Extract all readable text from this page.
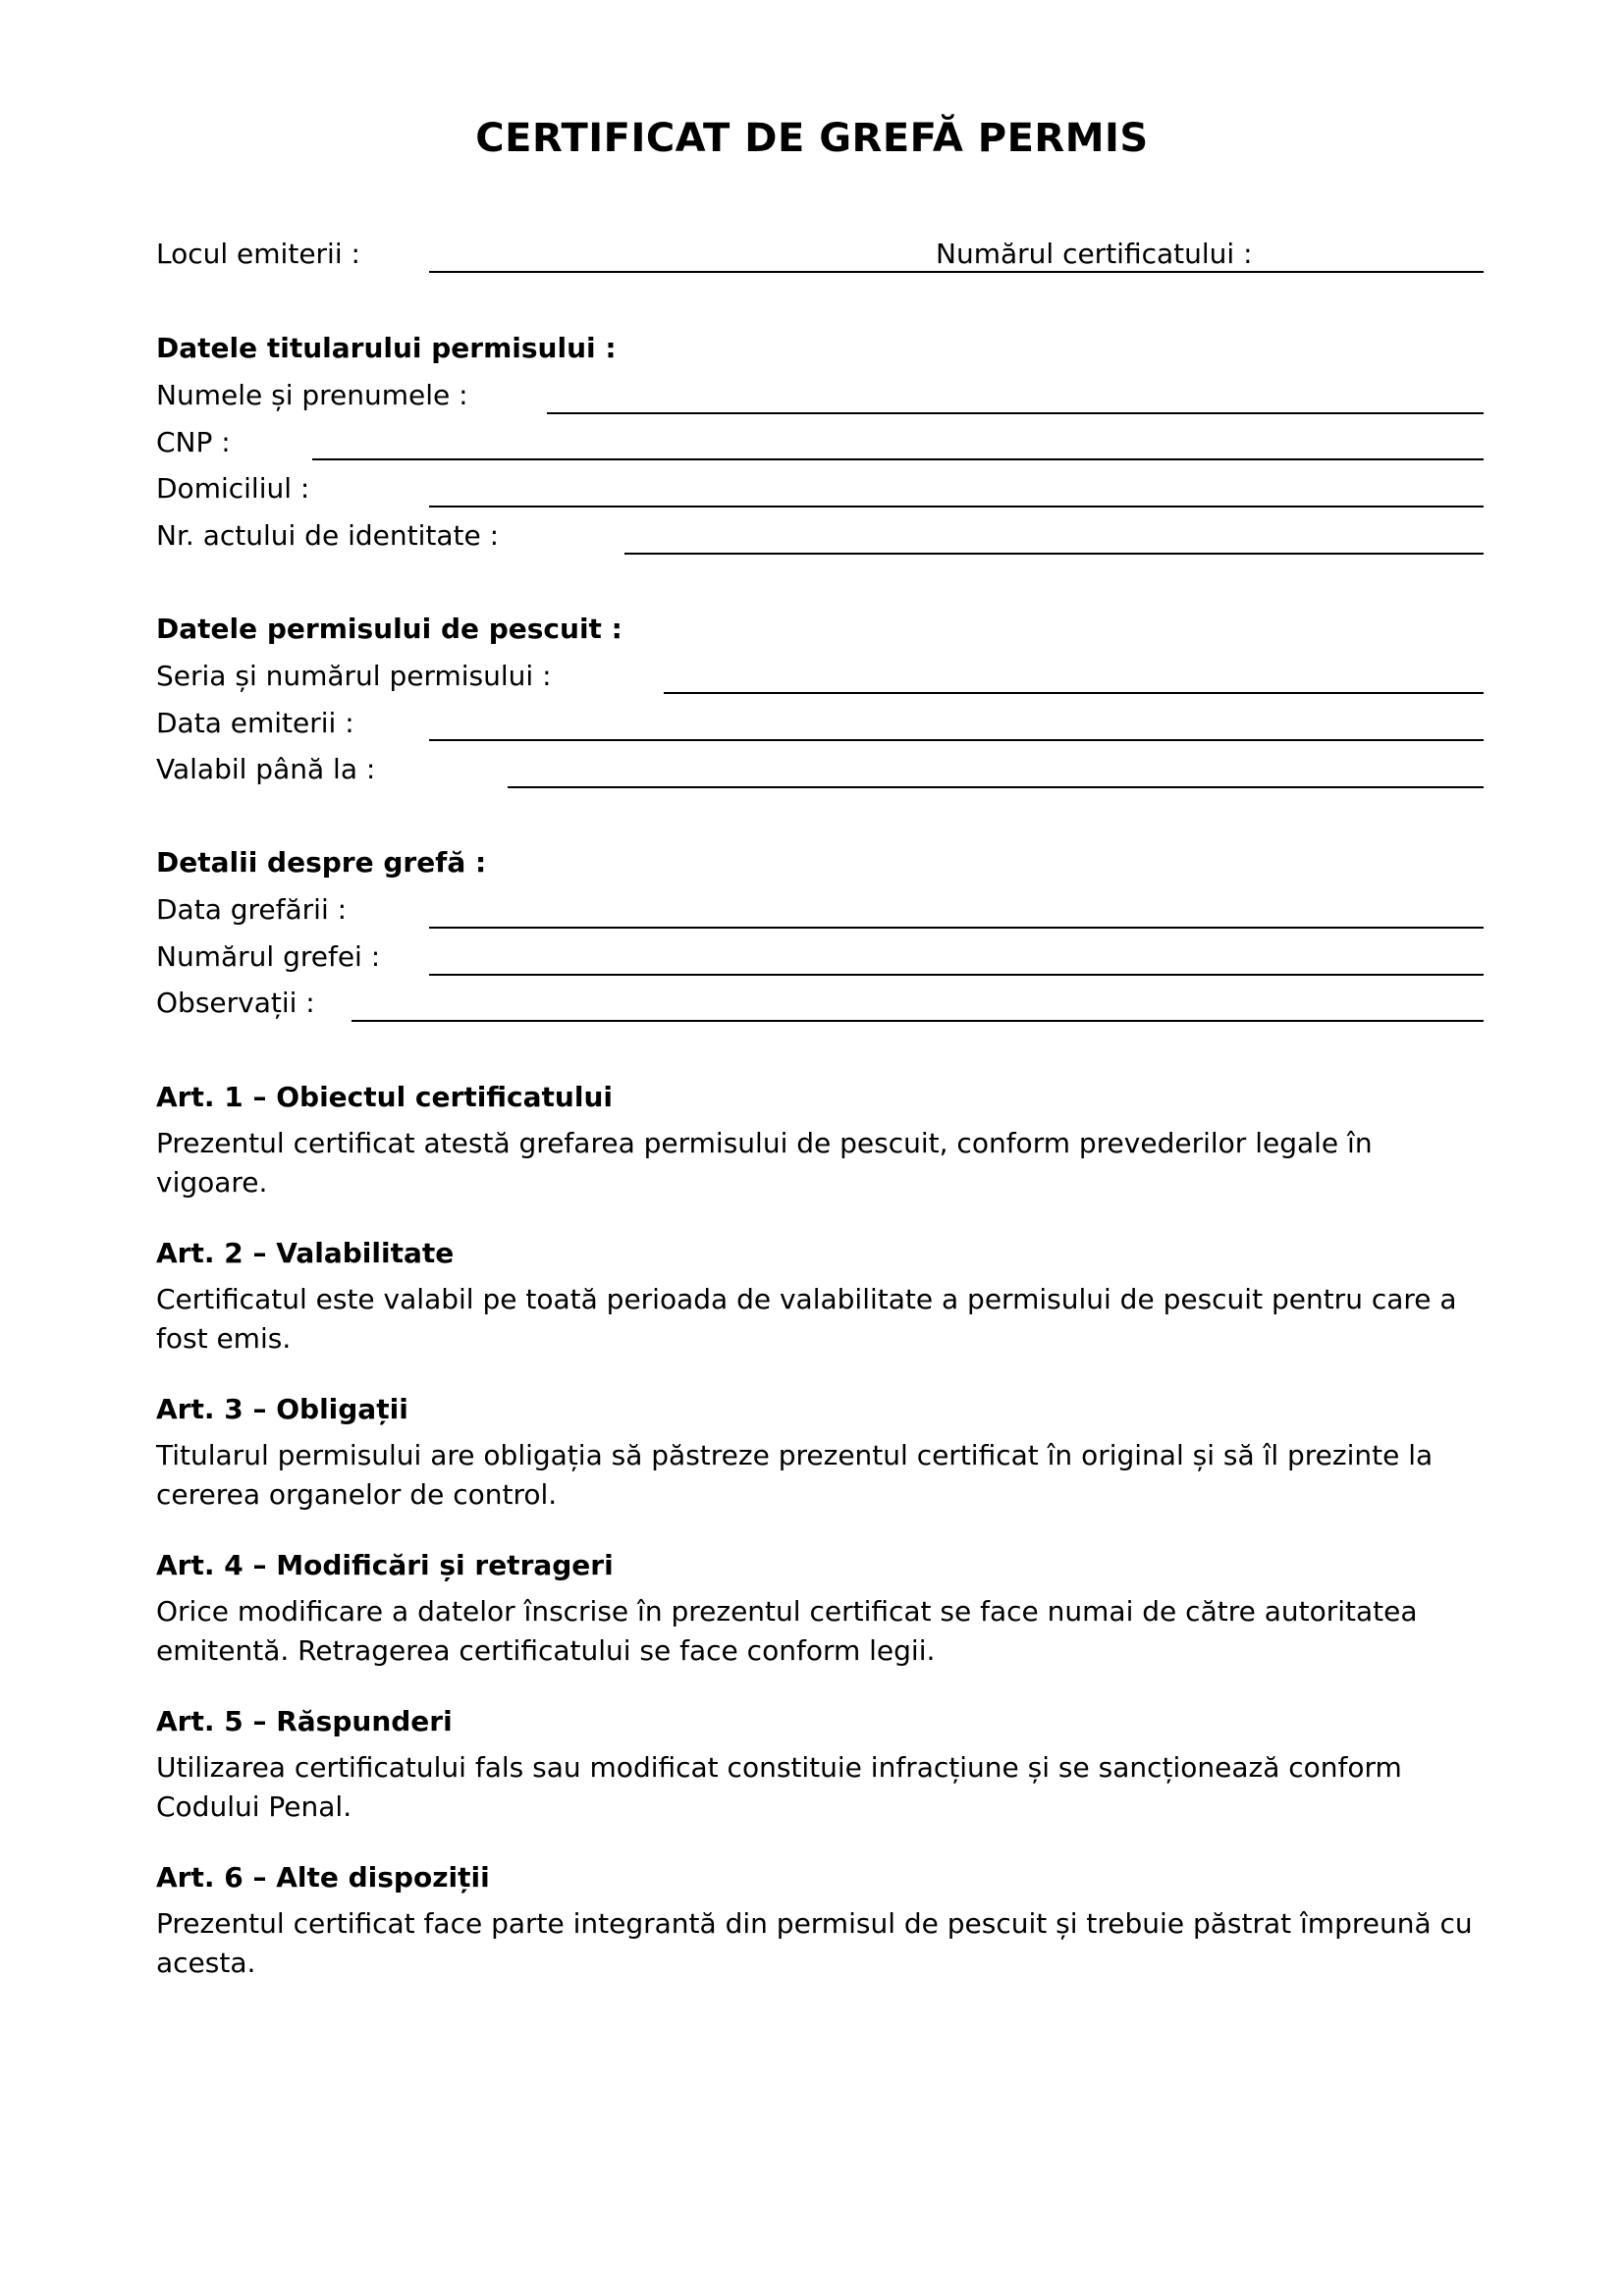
CERTIFICAT DE GREFĂ PERMIS
Locul emiterii :	Numărul certificatului :
Datele titularului permisului :
Numele și prenumele :
CNP :
Domiciliul :
Nr. actului de identitate :
Datele permisului de pescuit :
Seria și numărul permisului :
Data emiterii :
Valabil până la :
Detalii despre grefă :
Data grefării :
Numărul grefei :
Observații :

Art. 1 – Obiectul certificatului

Prezentul certificat atestă grefarea permisului de pescuit, conform prevederilor legale în vigoare.

Art. 2 – Valabilitate

Certificatul este valabil pe toată perioada de valabilitate a permisului de pescuit pentru care a fost emis.

Art. 3 – Obligații

Titularul permisului are obligația să păstreze prezentul certificat în original și să îl prezinte la cererea organelor de control.

Art. 4 – Modificări și retrageri

Orice modificare a datelor înscrise în prezentul certificat se face numai de către autoritatea emitentă. Retragerea certificatului se face conform legii.

Art. 5 – Răspunderi

Utilizarea certificatului fals sau modificat constituie infracțiune și se sancționează conform Codului Penal.

Art. 6 – Alte dispoziții

Prezentul certificat face parte integrantă din permisul de pescuit și trebuie păstrat împreună cu acesta.
